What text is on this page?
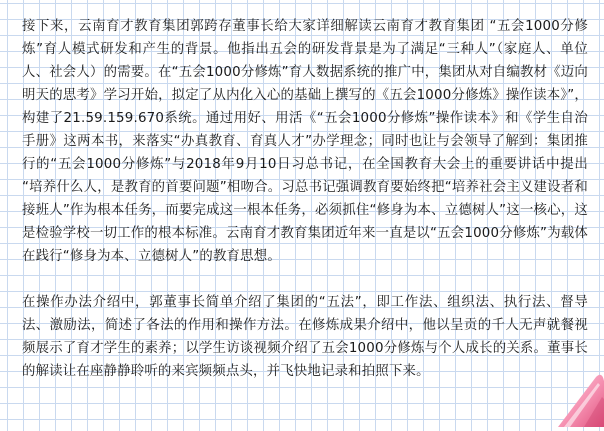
接下来，云南育才教育集团郭跨存董事长给大家详细解读云南育才教育集团 “五会1000分修炼”育人模式研发和产生的背景。他指出五会的研发背景是为了满足“三种人”（家庭人、单位人、社会人）的需要。在“五会1000分修炼”育人数据系统的推广中，集团从对自编教材《迈向明天的思考》学习开始，拟定了从内化入心的基础上撰写的《五会1000分修炼》操作读本》”，构建了21.59.159.670系统。通过用好、用活《“五会1000分修炼”操作读本》和《学生自治手册》这两本书，来落实“办真教育、育真人才”办学理念；同时也让与会领导了解到：集团推行的“五会1000分修炼”与2018年9月10日习总书记，在全国教育大会上的重要讲话中提出 “培养什么人，是教育的首要问题”相吻合。习总书记强调教育要始终把“培养社会主义建设者和接班人”作为根本任务，而要完成这一根本任务，必须抓住“修身为本、立德树人”这一核心，这是检验学校一切工作的根本标准。云南育才教育集团近年来一直是以“五会1000分修炼”为载体在践行“修身为本、立德树人”的教育思想。

在操作办法介绍中，郭董事长简单介绍了集团的“五法”，即工作法、组织法、执行法、督导法、激励法，简述了各法的作用和操作方法。在修炼成果介绍中，他以呈贡的千人无声就餐视频展示了育才学生的素养；以学生访谈视频介绍了五会1000分修炼与个人成长的关系。董事长的解读让在座静静聆听的来宾频频点头，并飞快地记录和拍照下来。
